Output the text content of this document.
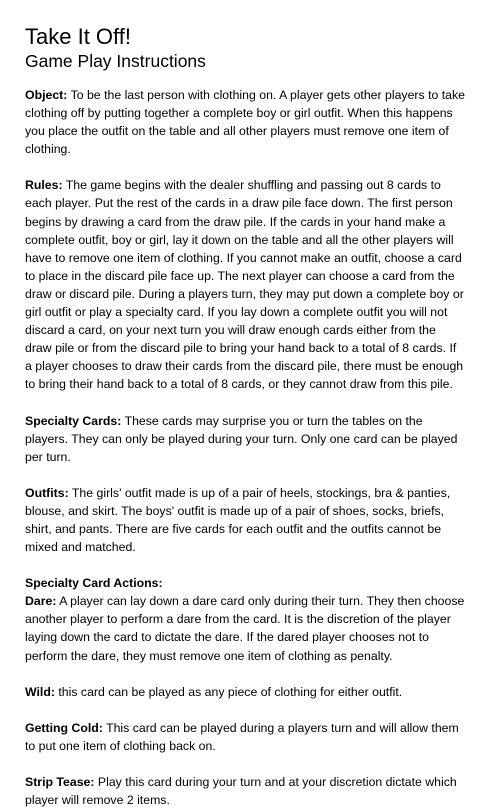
Take It Off!
Game Play Instructions

Object: To be the last person with clothing on. A player gets other players to take clothing off by putting together a complete boy or girl outfit. When this happens you place the outfit on the table and all other players must remove one item of clothing.

Rules: The game begins with the dealer shuffling and passing out 8 cards to each player. Put the rest of the cards in a draw pile face down. The first person begins by drawing a card from the draw pile. If the cards in your hand make a complete outfit, boy or girl, lay it down on the table and all the other players will have to remove one item of clothing. If you cannot make an outfit, choose a card to place in the discard pile face up. The next player can choose a card from the draw or discard pile. During a players turn, they may put down a complete boy or girl outfit or play a specialty card. If you lay down a complete outfit you will not discard a card, on your next turn you will draw enough cards either from the draw pile or from the discard pile to bring your hand back to a total of 8 cards. If a player chooses to draw their cards from the discard pile, there must be enough to bring their hand back to a total of 8 cards, or they cannot draw from this pile.

Specialty Cards: These cards may surprise you or turn the tables on the players. They can only be played during your turn. Only one card can be played per turn.

Outfits: The girls' outfit made is up of a pair of heels, stockings, bra & panties, blouse, and skirt. The boys' outfit is made up of a pair of shoes, socks, briefs, shirt, and pants. There are five cards for each outfit and the outfits cannot be mixed and matched.

Specialty Card Actions:

Dare: A player can lay down a dare card only during their turn. They then choose another player to perform a dare from the card. It is the discretion of the player laying down the card to dictate the dare. If the dared player chooses not to perform the dare, they must remove one item of clothing as penalty.

Wild: this card can be played as any piece of clothing for either outfit.

Getting Cold: This card can be played during a players turn and will allow them to put one item of clothing back on.

Strip Tease: Play this card during your turn and at your discretion dictate which player will remove 2 items.
